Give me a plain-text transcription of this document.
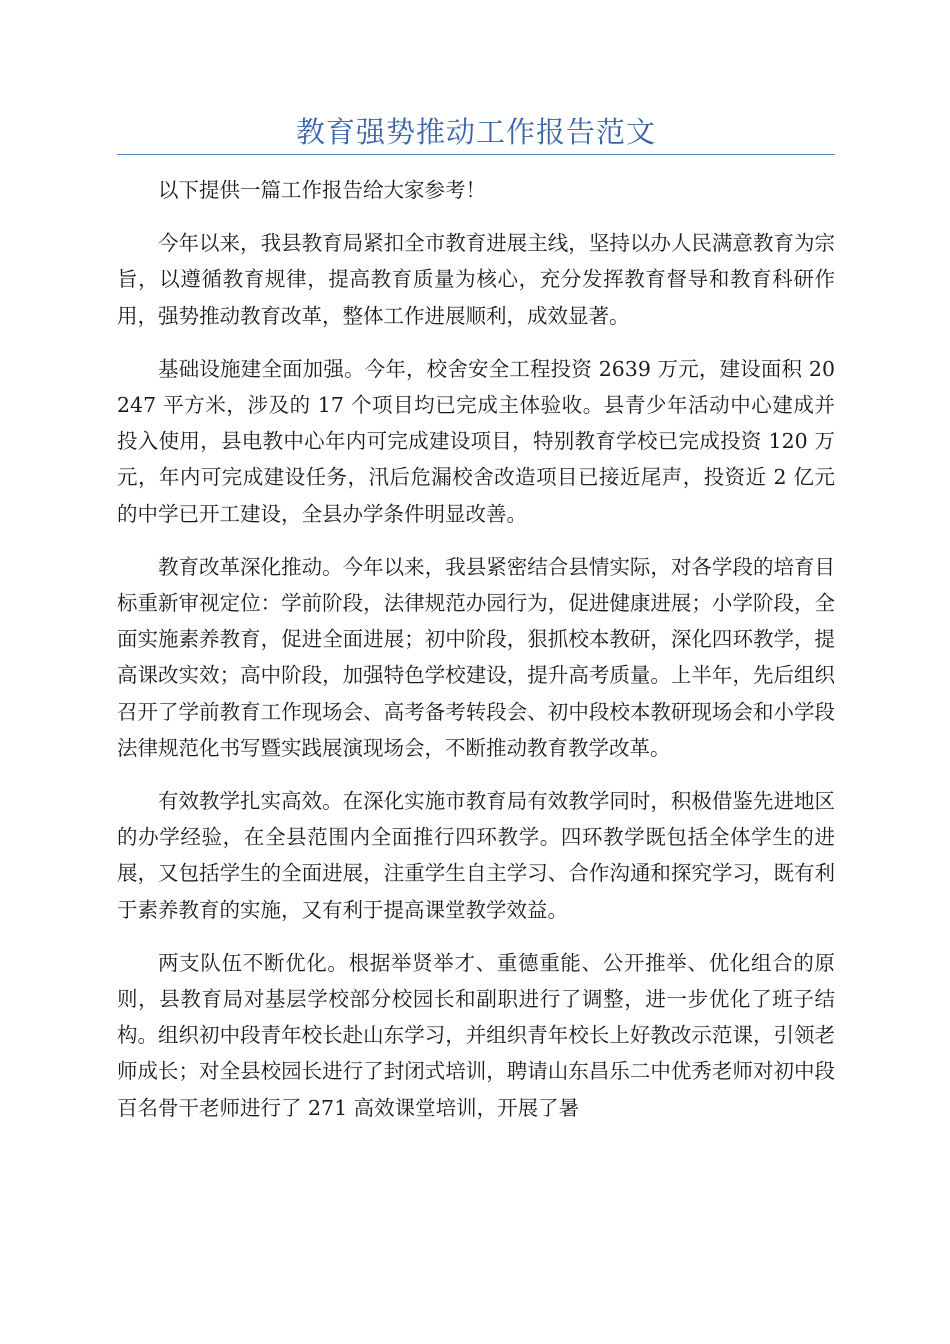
教育强势推动工作报告范文

以下提供一篇工作报告给大家参考！

今年以来，我县教育局紧扣全市教育进展主线，坚持以办人民满意教育为宗旨，以遵循教育规律，提高教育质量为核心，充分发挥教育督导和教育科研作用，强势推动教育改革，整体工作进展顺利，成效显著。

基础设施建全面加强。今年，校舍安全工程投资 2639 万元，建设面积 20247 平方米，涉及的 17 个项目均已完成主体验收。县青少年活动中心建成并投入使用，县电教中心年内可完成建设项目，特别教育学校已完成投资 120 万元，年内可完成建设任务，汛后危漏校舍改造项目已接近尾声，投资近 2 亿元的中学已开工建设，全县办学条件明显改善。

教育改革深化推动。今年以来，我县紧密结合县情实际，对各学段的培育目标重新审视定位：学前阶段，法律规范办园行为，促进健康进展；小学阶段，全面实施素养教育，促进全面进展；初中阶段，狠抓校本教研，深化四环教学，提高课改实效；高中阶段，加强特色学校建设，提升高考质量。上半年，先后组织召开了学前教育工作现场会、高考备考转段会、初中段校本教研现场会和小学段法律规范化书写暨实践展演现场会，不断推动教育教学改革。

有效教学扎实高效。在深化实施市教育局有效教学同时，积极借鉴先进地区的办学经验，在全县范围内全面推行四环教学。四环教学既包括全体学生的进展，又包括学生的全面进展，注重学生自主学习、合作沟通和探究学习，既有利于素养教育的实施，又有利于提高课堂教学效益。

两支队伍不断优化。根据举贤举才、重德重能、公开推举、优化组合的原则，县教育局对基层学校部分校园长和副职进行了调整，进一步优化了班子结构。组织初中段青年校长赴山东学习，并组织青年校长上好教改示范课，引领老师成长；对全县校园长进行了封闭式培训，聘请山东昌乐二中优秀老师对初中段百名骨干老师进行了 271 高效课堂培训，开展了暑
